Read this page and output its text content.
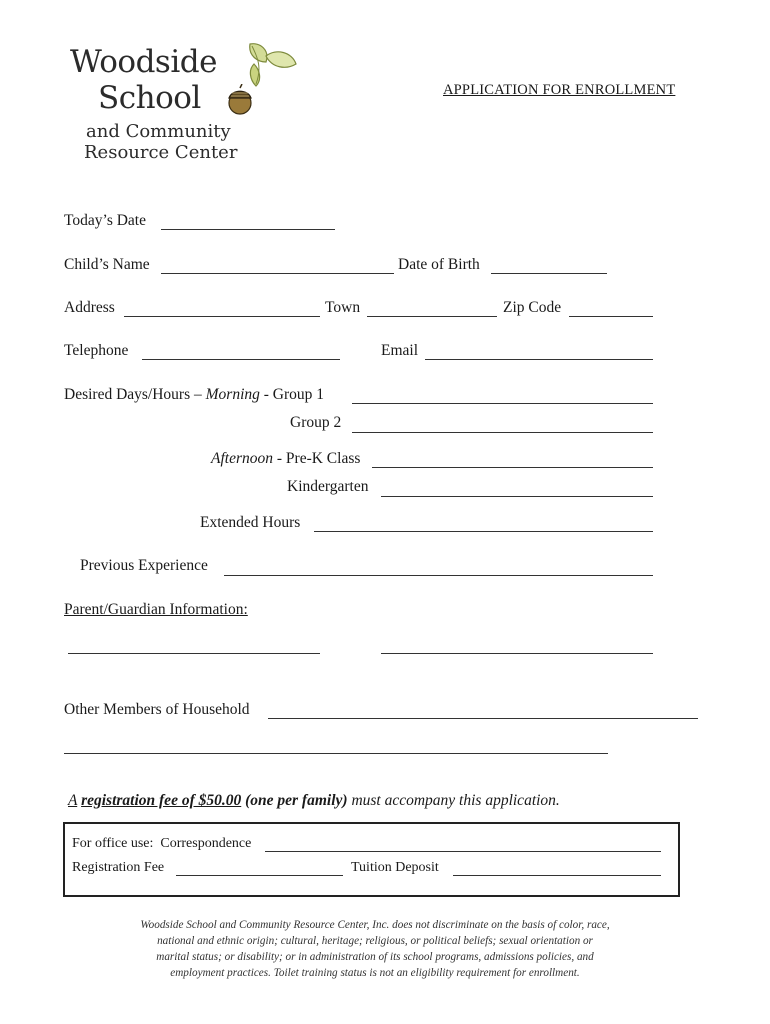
Woodside
School
and Community
Resource Center
APPLICATION FOR ENROLLMENT
Today’s Date
Child’s Name	Date of Birth
Address	Town	Zip Code
Telephone	Email
Desired Days/Hours – Morning - Group 1
Group 2
Afternoon - Pre-K Class
Kindergarten
Extended Hours
Previous Experience
Parent/Guardian Information:
Other Members of Household
A registration fee of $50.00 (one per family) must accompany this application.
For office use: Correspondence
Registration Fee	Tuition Deposit
Woodside School and Community Resource Center, Inc. does not discriminate on the basis of color, race,
national and ethnic origin; cultural, heritage; religious, or political beliefs; sexual orientation or
marital status; or disability; or in administration of its school programs, admissions policies, and
employment practices. Toilet training status is not an eligibility requirement for enrollment.
